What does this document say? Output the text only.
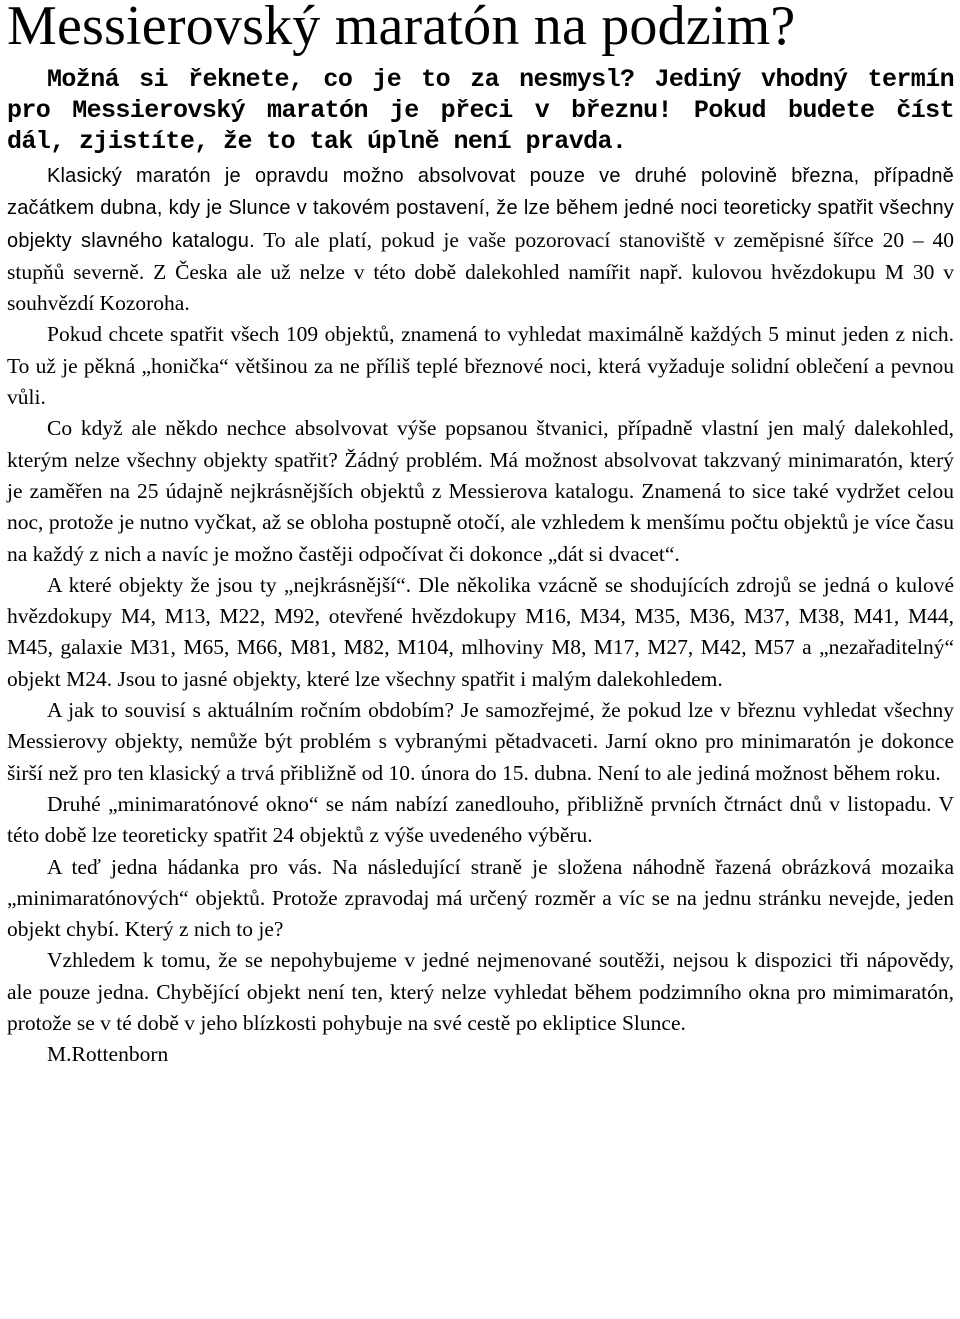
Messierovský maratón na podzim?

Možná si řeknete, co je to za nesmysl? Jediný vhodný termín pro Messierovský maratón je přeci v březnu! Pokud budete číst dál, zjistíte, že to tak úplně není pravda.

Klasický maratón je opravdu možno absolvovat pouze ve druhé polovině března, případně začátkem dubna, kdy je Slunce v takovém postavení, že lze během jedné noci teoreticky spatřit všechny objekty slavného katalogu. To ale platí, pokud je vaše pozorovací stanoviště v zeměpisné šířce 20 – 40 stupňů severně. Z Česka ale už nelze v této době dalekohled namířit např. kulovou hvězdokupu M 30 v souhvězdí Kozoroha.

Pokud chcete spatřit všech 109 objektů, znamená to vyhledat maximálně každých 5 minut jeden z nich. To už je pěkná „honička“ většinou za ne příliš teplé březnové noci, která vyžaduje solidní oblečení a pevnou vůli.

Co když ale někdo nechce absolvovat výše popsanou štvanici, případně vlastní jen malý dalekohled, kterým nelze všechny objekty spatřit? Žádný problém. Má možnost absolvovat takzvaný minimaratón, který je zaměřen na 25 údajně nejkrásnějších objektů z Messierova katalogu. Znamená to sice také vydržet celou noc, protože je nutno vyčkat, až se obloha postupně otočí, ale vzhledem k menšímu počtu objektů je více času na každý z nich a navíc je možno častěji odpočívat či dokonce „dát si dvacet“.

A které objekty že jsou ty „nejkrásnější“. Dle několika vzácně se shodujících zdrojů se jedná o kulové hvězdokupy M4, M13, M22, M92, otevřené hvězdokupy M16, M34, M35, M36, M37, M38, M41, M44, M45, galaxie M31, M65, M66, M81, M82, M104, mlhoviny M8, M17, M27, M42, M57 a „nezařaditelný“ objekt M24. Jsou to jasné objekty, které lze všechny spatřit i malým dalekohledem.

A jak to souvisí s aktuálním ročním obdobím? Je samozřejmé, že pokud lze v březnu vyhledat všechny Messierovy objekty, nemůže být problém s vybranými pětadvaceti. Jarní okno pro minimaratón je dokonce širší než pro ten klasický a trvá přibližně od 10. února do 15. dubna. Není to ale jediná možnost během roku.

Druhé „minimaratónové okno“ se nám nabízí zanedlouho, přibližně prvních čtrnáct dnů v listopadu. V této době lze teoreticky spatřit 24 objektů z výše uvedeného výběru.

A teď jedna hádanka pro vás. Na následující straně je složena náhodně řazená obrázková mozaika „minimaratónových“ objektů. Protože zpravodaj má určený rozměr a víc se na jednu stránku nevejde, jeden objekt chybí. Který z nich to je?

Vzhledem k tomu, že se nepohybujeme v jedné nejmenované soutěži, nejsou k dispozici tři nápovědy, ale pouze jedna. Chybějící objekt není ten, který nelze vyhledat během podzimního okna pro mimimaratón, protože se v té době v jeho blízkosti pohybuje na své cestě po ekliptice Slunce.

M.Rottenborn
